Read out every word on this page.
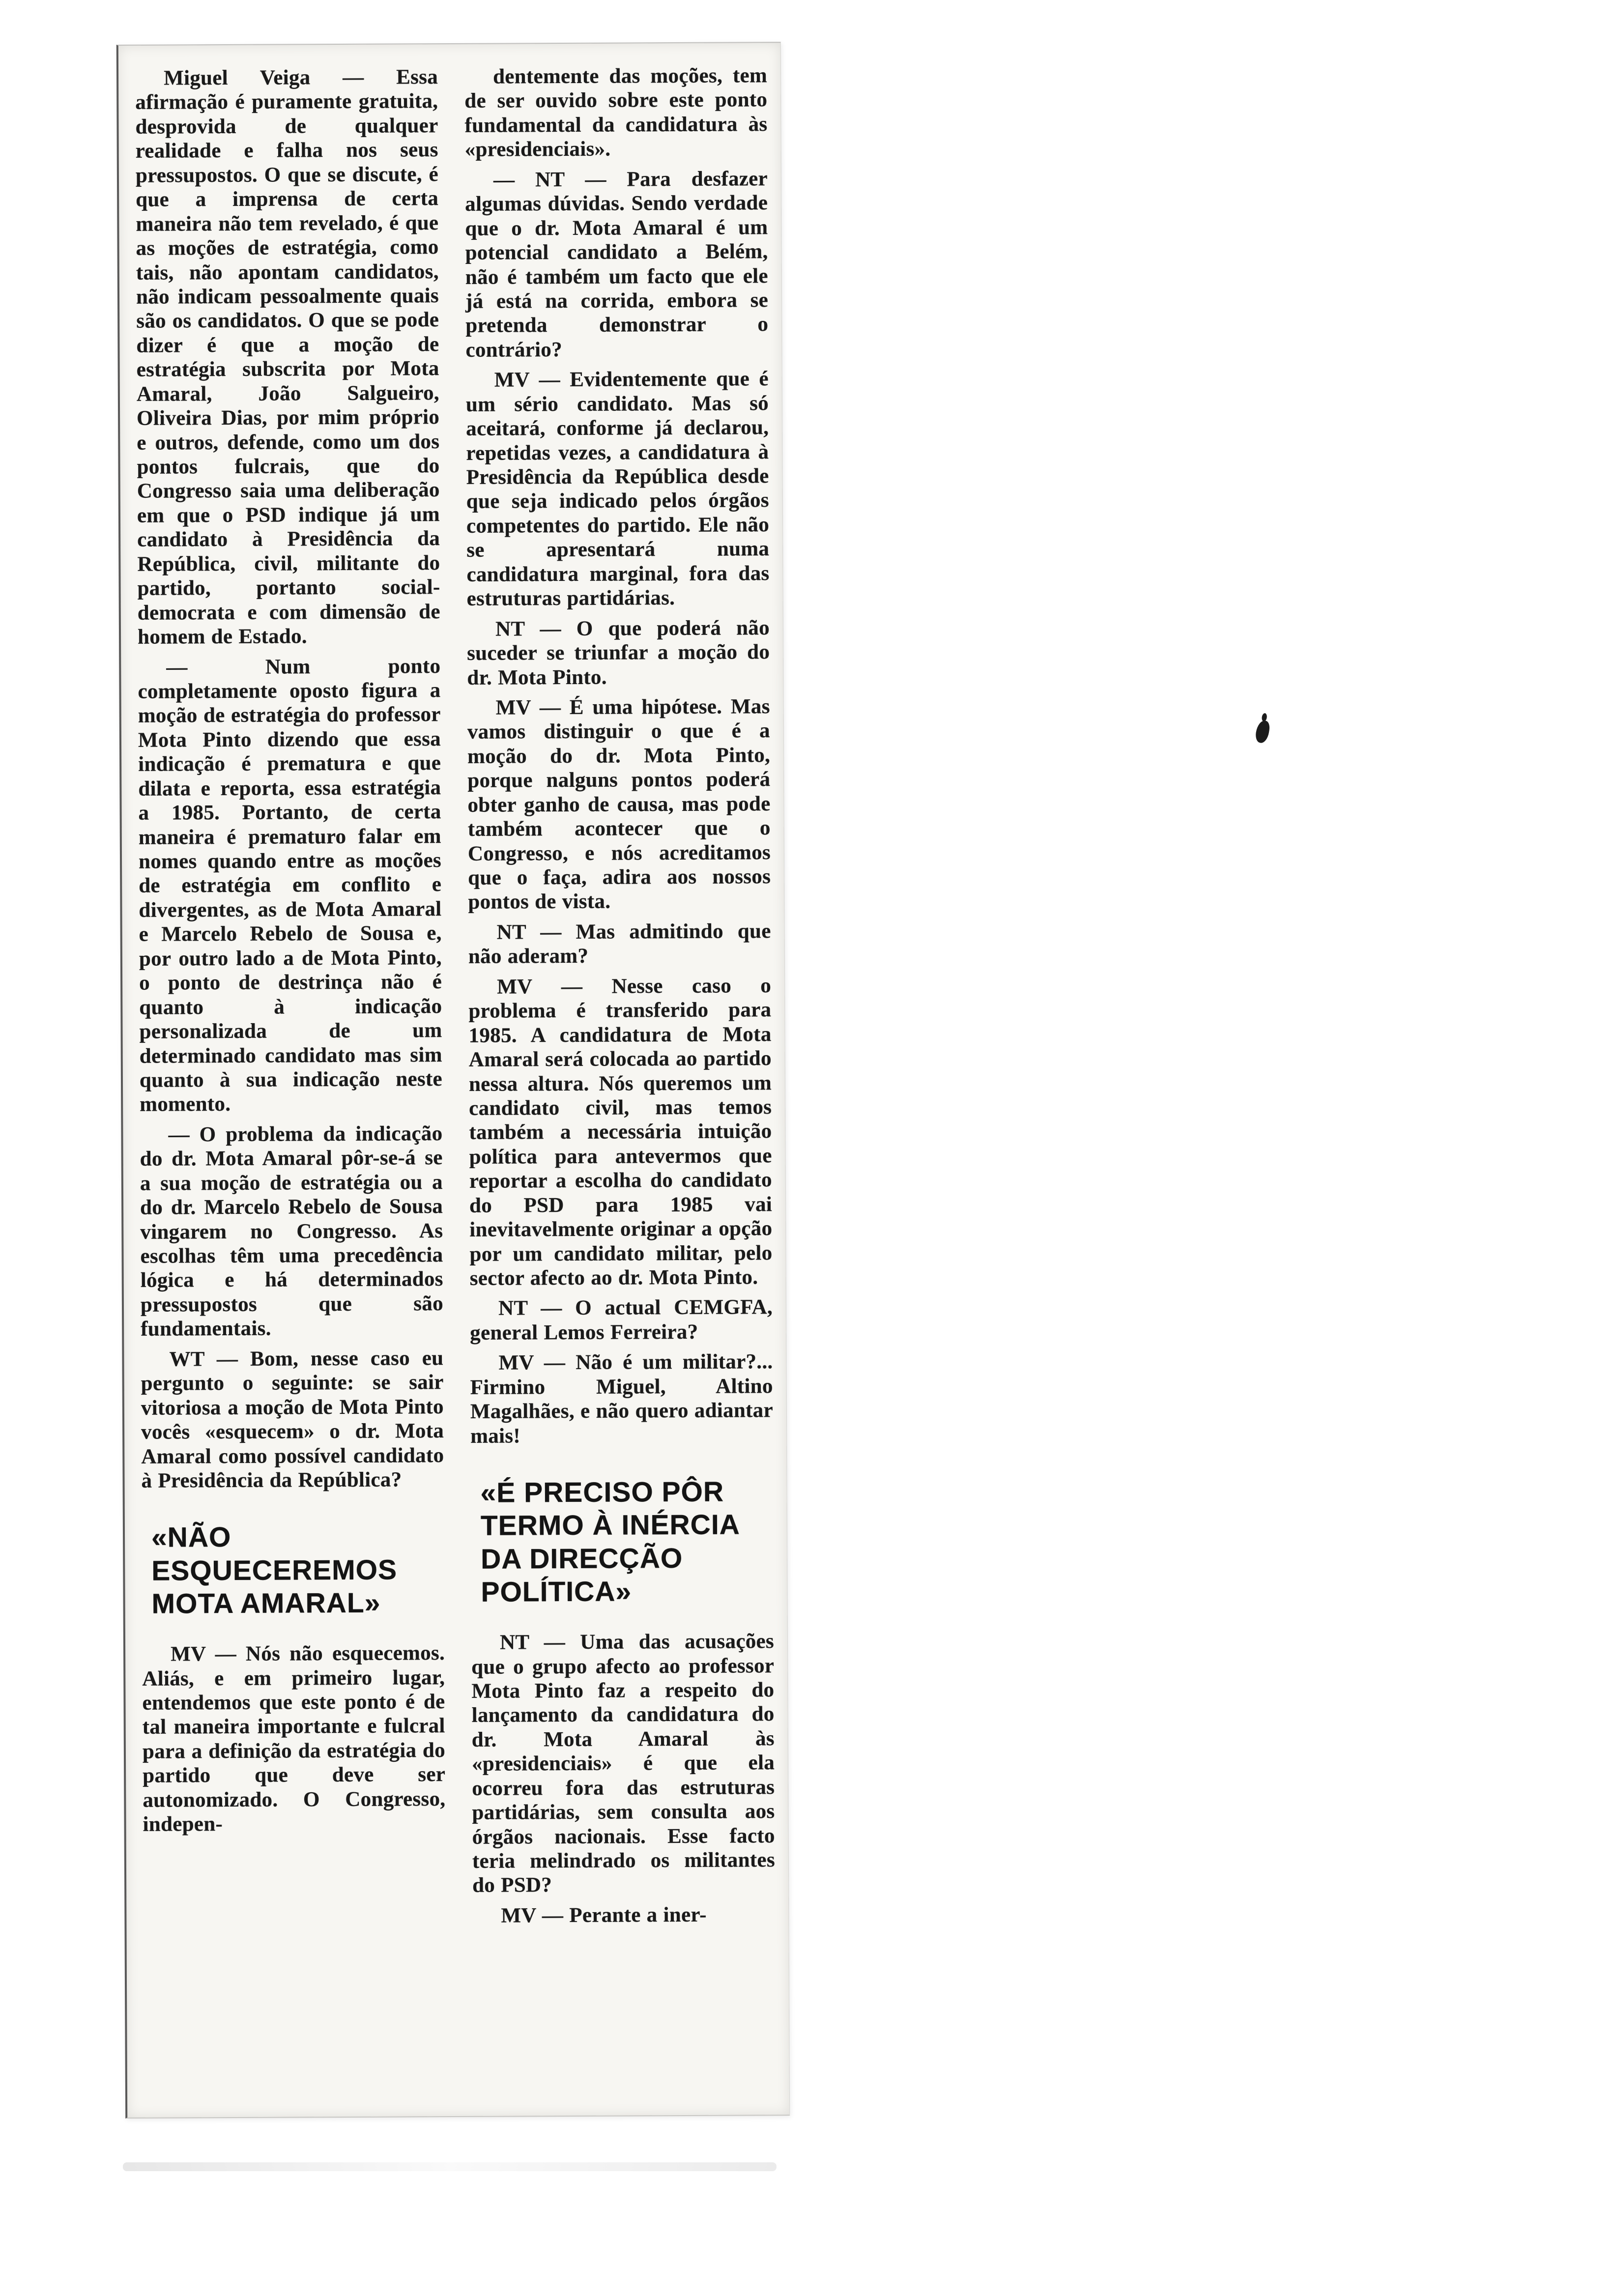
Miguel Veiga — Essa afirmação é puramente gratuita, desprovida de qualquer realidade e falha nos seus pressupostos. O que se discute, é que a imprensa de certa maneira não tem revelado, é que as moções de estratégia, como tais, não apontam candidatos, não indicam pessoalmente quais são os candidatos. O que se pode dizer é que a moção de estratégia subscrita por Mota Amaral, João Salgueiro, Oliveira Dias, por mim próprio e outros, defende, como um dos pontos fulcrais, que do Congresso saia uma deliberação em que o PSD indique já um candidato à Presidência da República, civil, militante do partido, portanto social-democrata e com dimensão de homem de Estado.

— Num ponto completamente oposto figura a moção de estratégia do professor Mota Pinto dizendo que essa indicação é prematura e que dilata e reporta, essa estratégia a 1985. Portanto, de certa maneira é prematuro falar em nomes quando entre as moções de estratégia em conflito e divergentes, as de Mota Amaral e Marcelo Rebelo de Sousa e, por outro lado a de Mota Pinto, o ponto de destrinça não é quanto à indicação personalizada de um determinado candidato mas sim quanto à sua indicação neste momento.

— O problema da indicação do dr. Mota Amaral pôr-se-á se a sua moção de estratégia ou a do dr. Marcelo Rebelo de Sousa vingarem no Congresso. As escolhas têm uma precedência lógica e há determinados pressupostos que são fundamentais.

WT — Bom, nesse caso eu pergunto o seguinte: se sair vitoriosa a moção de Mota Pinto vocês «esquecem» o dr. Mota Amaral como possível candidato à Presidência da República?

«NÃO ESQUECEREMOS MOTA AMARAL»

MV — Nós não esquecemos. Aliás, e em primeiro lugar, entendemos que este ponto é de tal maneira importante e fulcral para a definição da estratégia do partido que deve ser autonomizado. O Congresso, indepen-

dentemente das moções, tem de ser ouvido sobre este ponto fundamental da candidatura às «presidenciais».

— NT — Para desfazer algumas dúvidas. Sendo verdade que o dr. Mota Amaral é um potencial candidato a Belém, não é também um facto que ele já está na corrida, embora se pretenda demonstrar o contrário?

MV — Evidentemente que é um sério candidato. Mas só aceitará, conforme já declarou, repetidas vezes, a candidatura à Presidência da República desde que seja indicado pelos órgãos competentes do partido. Ele não se apresentará numa candidatura marginal, fora das estruturas partidárias.

NT — O que poderá não suceder se triunfar a moção do dr. Mota Pinto.

MV — É uma hipótese. Mas vamos distinguir o que é a moção do dr. Mota Pinto, porque nalguns pontos poderá obter ganho de causa, mas pode também acontecer que o Congresso, e nós acreditamos que o faça, adira aos nossos pontos de vista.

NT — Mas admitindo que não aderam?

MV — Nesse caso o problema é transferido para 1985. A candidatura de Mota Amaral será colocada ao partido nessa altura. Nós queremos um candidato civil, mas temos também a necessária intuição política para antevermos que reportar a escolha do candidato do PSD para 1985 vai inevitavelmente originar a opção por um candidato militar, pelo sector afecto ao dr. Mota Pinto.

NT — O actual CEMGFA, general Lemos Ferreira?

MV — Não é um militar?... Firmino Miguel, Altino Magalhães, e não quero adiantar mais!

«É PRECISO PÔR TERMO À INÉRCIA DA DIRECÇÃO POLÍTICA»

NT — Uma das acusações que o grupo afecto ao professor Mota Pinto faz a respeito do lançamento da candidatura do dr. Mota Amaral às «presidenciais» é que ela ocorreu fora das estruturas partidárias, sem consulta aos órgãos nacionais. Esse facto teria melindrado os militantes do PSD?

MV — Perante a iner-
